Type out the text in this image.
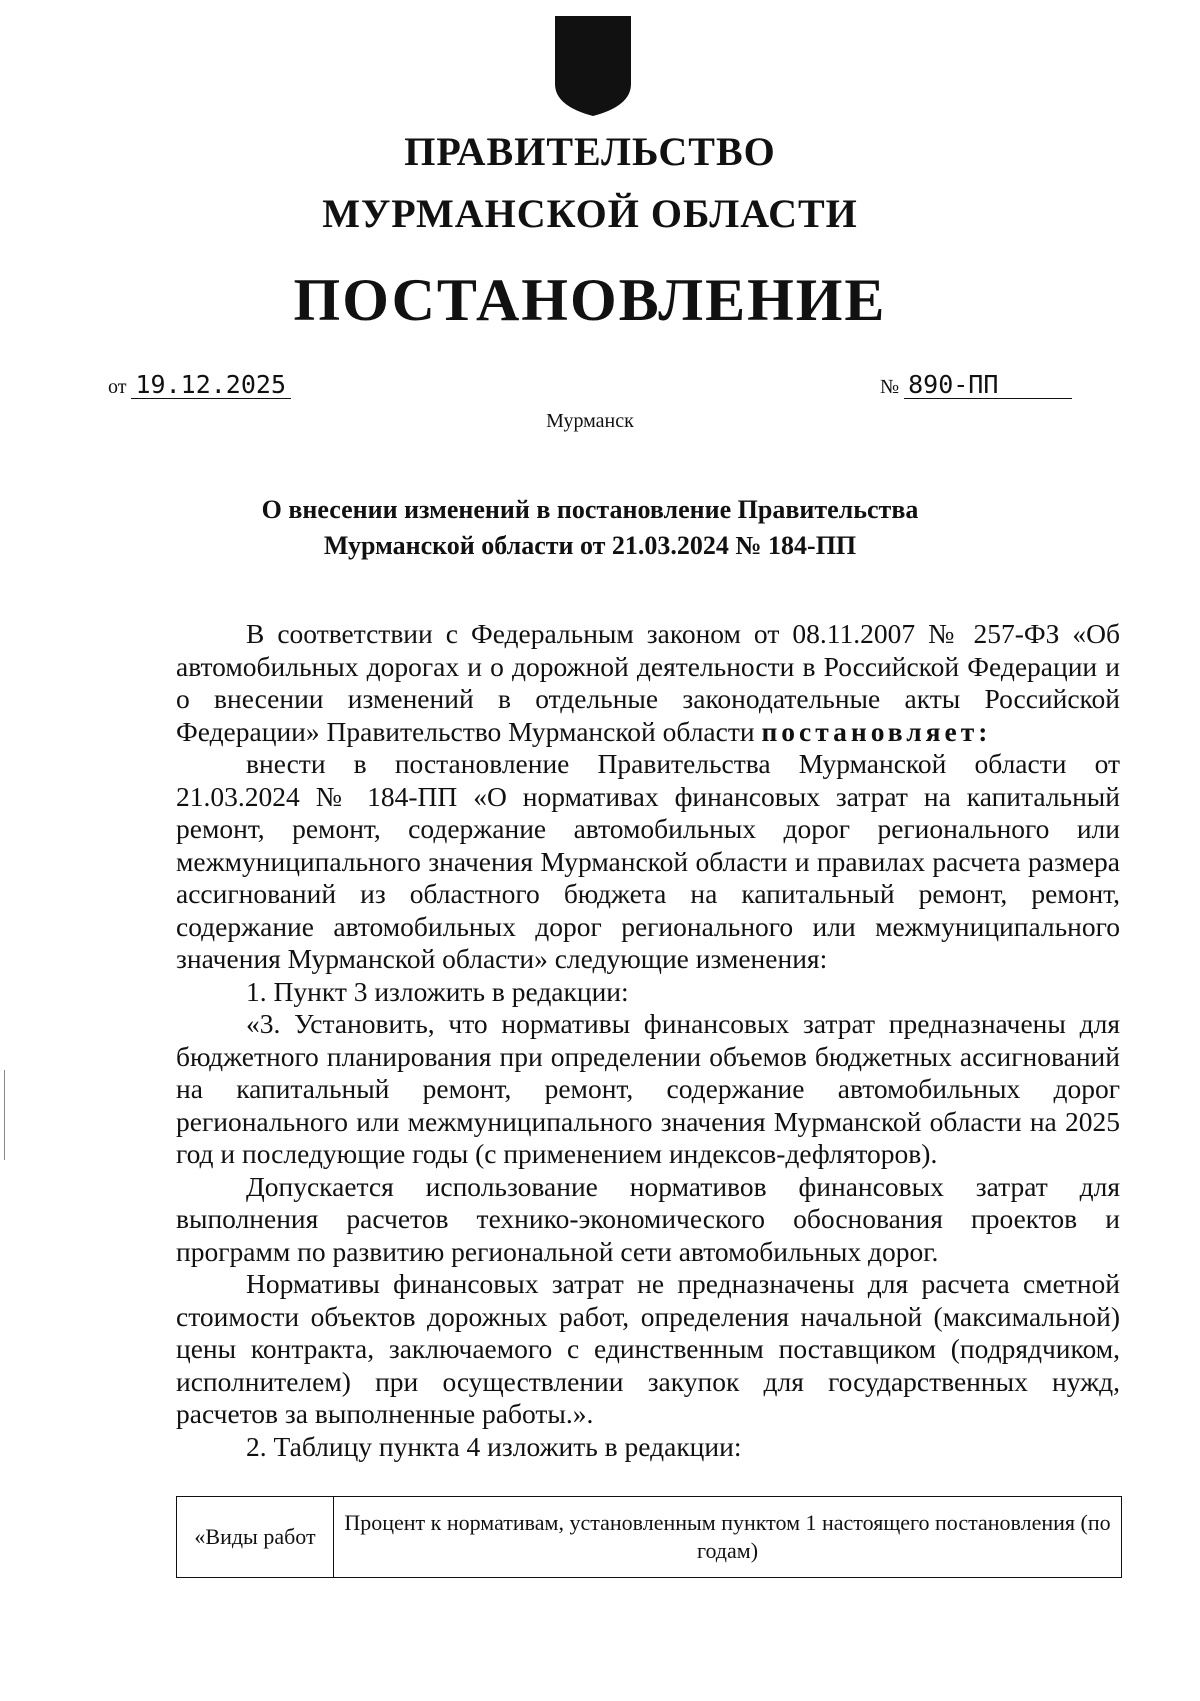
ПРАВИТЕЛЬСТВО
МУРМАНСКОЙ ОБЛАСТИ
ПОСТАНОВЛЕНИЕ
от 19.12.2025	№ 890-ПП
Мурманск
О внесении изменений в постановление Правительства
Мурманской области от 21.03.2024 № 184-ПП

В соответствии с Федеральным законом от 08.11.2007 № 257-ФЗ «Об автомобильных дорогах и о дорожной деятельности в Российской Федерации и о внесении изменений в отдельные законодательные акты Российской Федерации» Правительство Мурманской области постановляет:

внести в постановление Правительства Мурманской области от 21.03.2024 № 184-ПП «О нормативах финансовых затрат на капитальный ремонт, ремонт, содержание автомобильных дорог регионального или межмуниципального значения Мурманской области и правилах расчета размера ассигнований из областного бюджета на капитальный ремонт, ремонт, содержание автомобильных дорог регионального или межмуниципального значения Мурманской области» следующие изменения:

1. Пункт 3 изложить в редакции:

«3. Установить, что нормативы финансовых затрат предназначены для бюджетного планирования при определении объемов бюджетных ассигнований на капитальный ремонт, ремонт, содержание автомобильных дорог регионального или межмуниципального значения Мурманской области на 2025 год и последующие годы (с применением индексов-дефляторов).

Допускается использование нормативов финансовых затрат для выполнения расчетов технико-экономического обоснования проектов и программ по развитию региональной сети автомобильных дорог.

Нормативы финансовых затрат не предназначены для расчета сметной стоимости объектов дорожных работ, определения начальной (максимальной) цены контракта, заключаемого с единственным поставщиком (подрядчиком, исполнителем) при осуществлении закупок для государственных нужд, расчетов за выполненные работы.».

2. Таблицу пункта 4 изложить в редакции:

«Виды работ	Процент к нормативам, установленным пунктом 1 настоящего постановления (по годам)
